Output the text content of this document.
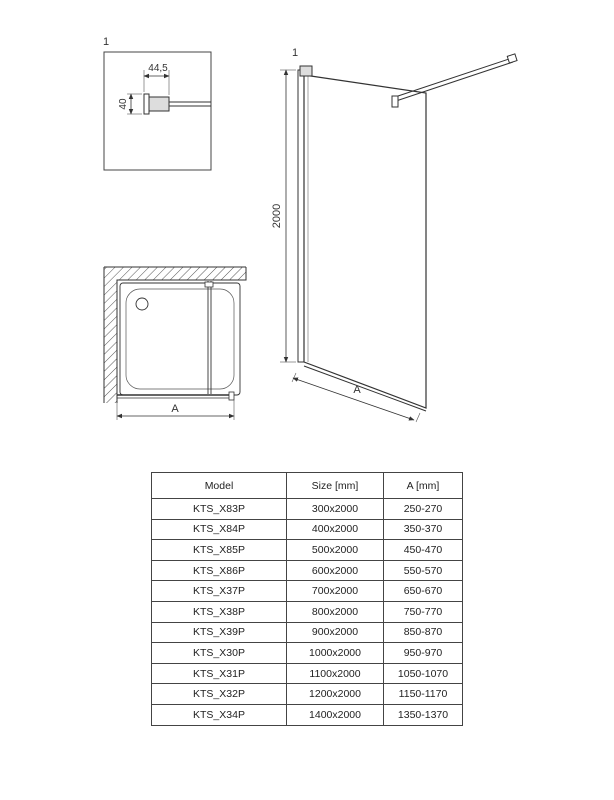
1
44,5
40
1
2000
A
A
Model	Size [mm]	A [mm]
KTS_X83P	300x2000	250-270
KTS_X84P	400x2000	350-370
KTS_X85P	500x2000	450-470
KTS_X86P	600x2000	550-570
KTS_X37P	700x2000	650-670
KTS_X38P	800x2000	750-770
KTS_X39P	900x2000	850-870
KTS_X30P	1000x2000	950-970
KTS_X31P	1100x2000	1050-1070
KTS_X32P	1200x2000	1150-1170
KTS_X34P	1400x2000	1350-1370
